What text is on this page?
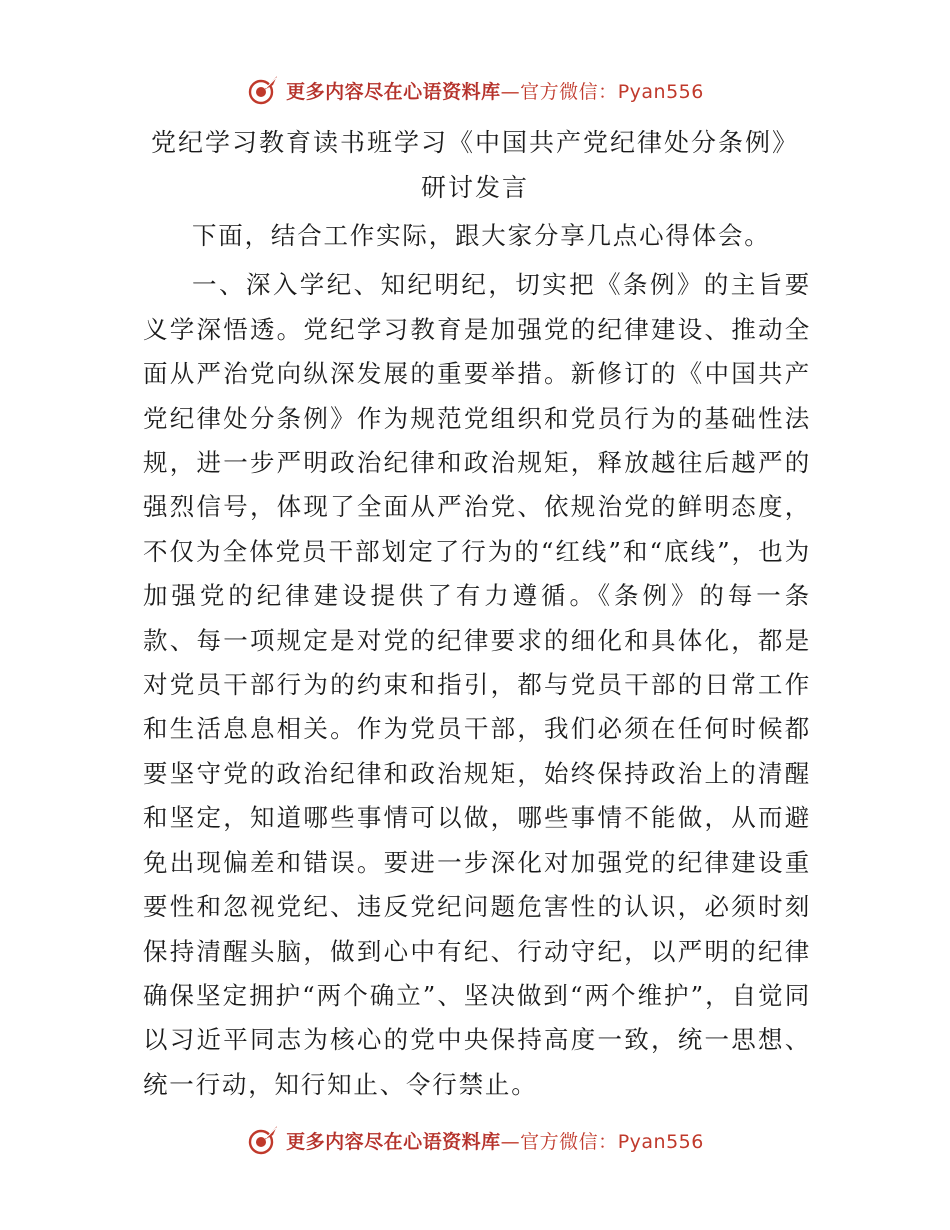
更多内容尽在心语资料库—官方微信：Pyan556
党纪学习教育读书班学习《中国共产党纪律处分条例》研讨发言

下面，结合工作实际，跟大家分享几点心得体会。

一、深入学纪、知纪明纪，切实把《条例》的主旨要义学深悟透。党纪学习教育是加强党的纪律建设、推动全面从严治党向纵深发展的重要举措。新修订的《中国共产党纪律处分条例》作为规范党组织和党员行为的基础性法规，进一步严明政治纪律和政治规矩，释放越往后越严的强烈信号，体现了全面从严治党、依规治党的鲜明态度，不仅为全体党员干部划定了行为的“红线”和“底线”，也为加强党的纪律建设提供了有力遵循。《条例》的每一条款、每一项规定是对党的纪律要求的细化和具体化，都是对党员干部行为的约束和指引，都与党员干部的日常工作和生活息息相关。作为党员干部，我们必须在任何时候都要坚守党的政治纪律和政治规矩，始终保持政治上的清醒和坚定，知道哪些事情可以做，哪些事情不能做，从而避免出现偏差和错误。要进一步深化对加强党的纪律建设重要性和忽视党纪、违反党纪问题危害性的认识，必须时刻保持清醒头脑，做到心中有纪、行动守纪，以严明的纪律确保坚定拥护“两个确立”、坚决做到“两个维护”，自觉同以习近平同志为核心的党中央保持高度一致，统一思想、统一行动，知行知止、令行禁止。

更多内容尽在心语资料库—官方微信：Pyan556
